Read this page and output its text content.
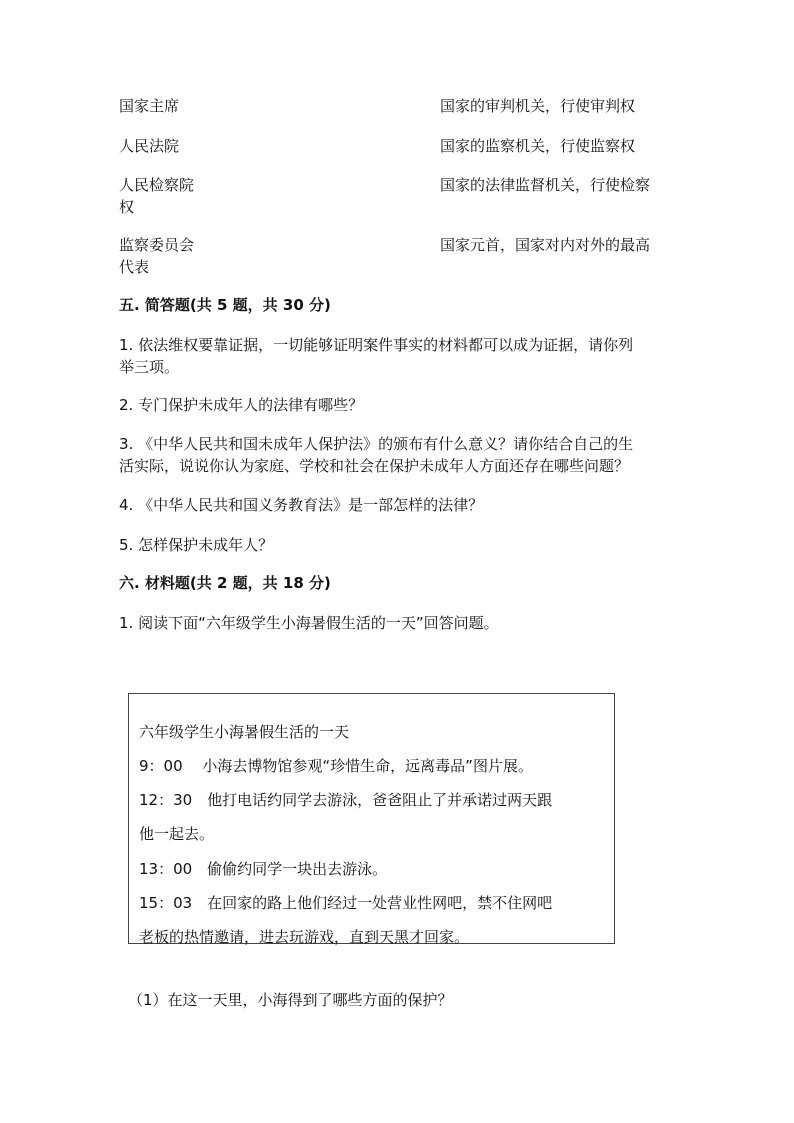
国家主席

人民法院

人民检察院

权

监察委员会

代表

国家的审判机关，行使审判权

国家的监察机关，行使监察权

国家的法律监督机关，行使检察

国家元首，国家对内对外的最高

五. 简答题(共 5 题，共 30 分)

1. 依法维权要靠证据，一切能够证明案件事实的材料都可以成为证据，请你列

举三项。

2. 专门保护未成年人的法律有哪些？

3. 《中华人民共和国未成年人保护法》的颁布有什么意义？请你结合自己的生

活实际，说说你认为家庭、学校和社会在保护未成年人方面还存在哪些问题？

4. 《中华人民共和国义务教育法》是一部怎样的法律？

5. 怎样保护未成年人？

六. 材料题(共 2 题，共 18 分)

1. 阅读下面“六年级学生小海暑假生活的一天”回答问题。

六年级学生小海暑假生活的一天

9：00　 小海去博物馆参观“珍惜生命，远离毒品”图片展。

12：30　他打电话约同学去游泳，爸爸阻止了并承诺过两天跟

他一起去。

13：00　偷偷约同学一块出去游泳。

15：03　在回家的路上他们经过一处营业性网吧，禁不住网吧

老板的热情邀请，进去玩游戏，直到天黑才回家。

（1）在这一天里，小海得到了哪些方面的保护？
